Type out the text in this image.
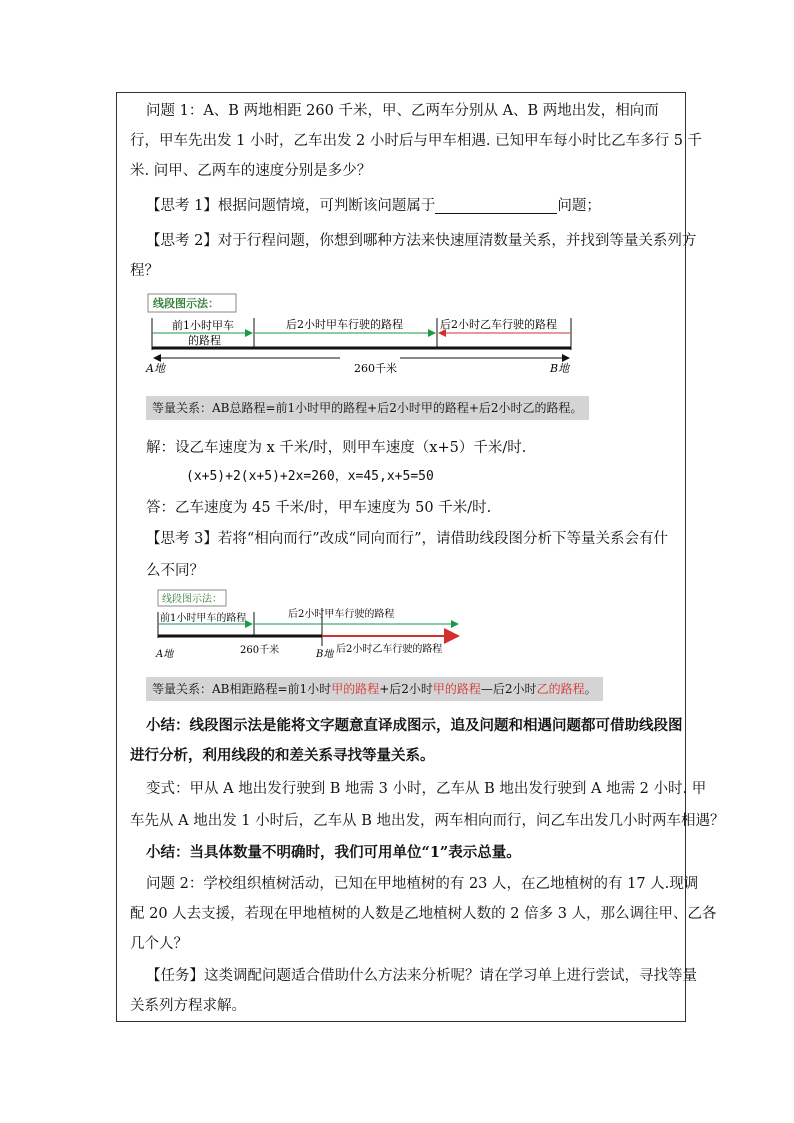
问题 1：A、B 两地相距 260 千米，甲、乙两车分别从 A、B 两地出发，相向而
行，甲车先出发 1 小时，乙车出发 2 小时后与甲车相遇. 已知甲车每小时比乙车多行 5 千
米. 问甲、乙两车的速度分别是多少？
【思考 1】根据问题情境，可判断该问题属于	问题；
【思考 2】对于行程问题，你想到哪种方法来快速厘清数量关系，并找到等量关系列方
程？
线段图示法：
前1小时甲车
的路程
后2小时甲车行驶的路程	后2小时乙车行驶的路程
A地	260千米	B地
等量关系：AB总路程=前1小时甲的路程+后2小时甲的路程+后2小时乙的路程。
解：设乙车速度为 x 千米/时，则甲车速度（x+5）千米/时.
(x+5)+2(x+5)+2x=260，x=45,x+5=50
答：乙车速度为 45 千米/时，甲车速度为 50 千米/时.
【思考 3】若将“相向而行”改成“同向而行”，请借助线段图分析下等量关系会有什
么不同？
线段图示法：
前1小时甲车的路程	后2小时甲车行驶的路程
A地	260千米	B地 后2小时乙车行驶的路程
等量关系：AB相距路程=前1小时甲的路程+后2小时甲的路程—后2小时乙的路程。
小结：线段图示法是能将文字题意直译成图示，追及问题和相遇问题都可借助线段图
进行分析，利用线段的和差关系寻找等量关系。
变式：甲从 A 地出发行驶到 B 地需 3 小时，乙车从 B 地出发行驶到 A 地需 2 小时. 甲
车先从 A 地出发 1 小时后，乙车从 B 地出发，两车相向而行，问乙车出发几小时两车相遇？
小结：当具体数量不明确时，我们可用单位“1”表示总量。
问题 2：学校组织植树活动，已知在甲地植树的有 23 人，在乙地植树的有 17 人.现调
配 20 人去支援，若现在甲地植树的人数是乙地植树人数的 2 倍多 3 人，那么调往甲、乙各
几个人？
【任务】这类调配问题适合借助什么方法来分析呢？请在学习单上进行尝试，寻找等量
关系列方程求解。
